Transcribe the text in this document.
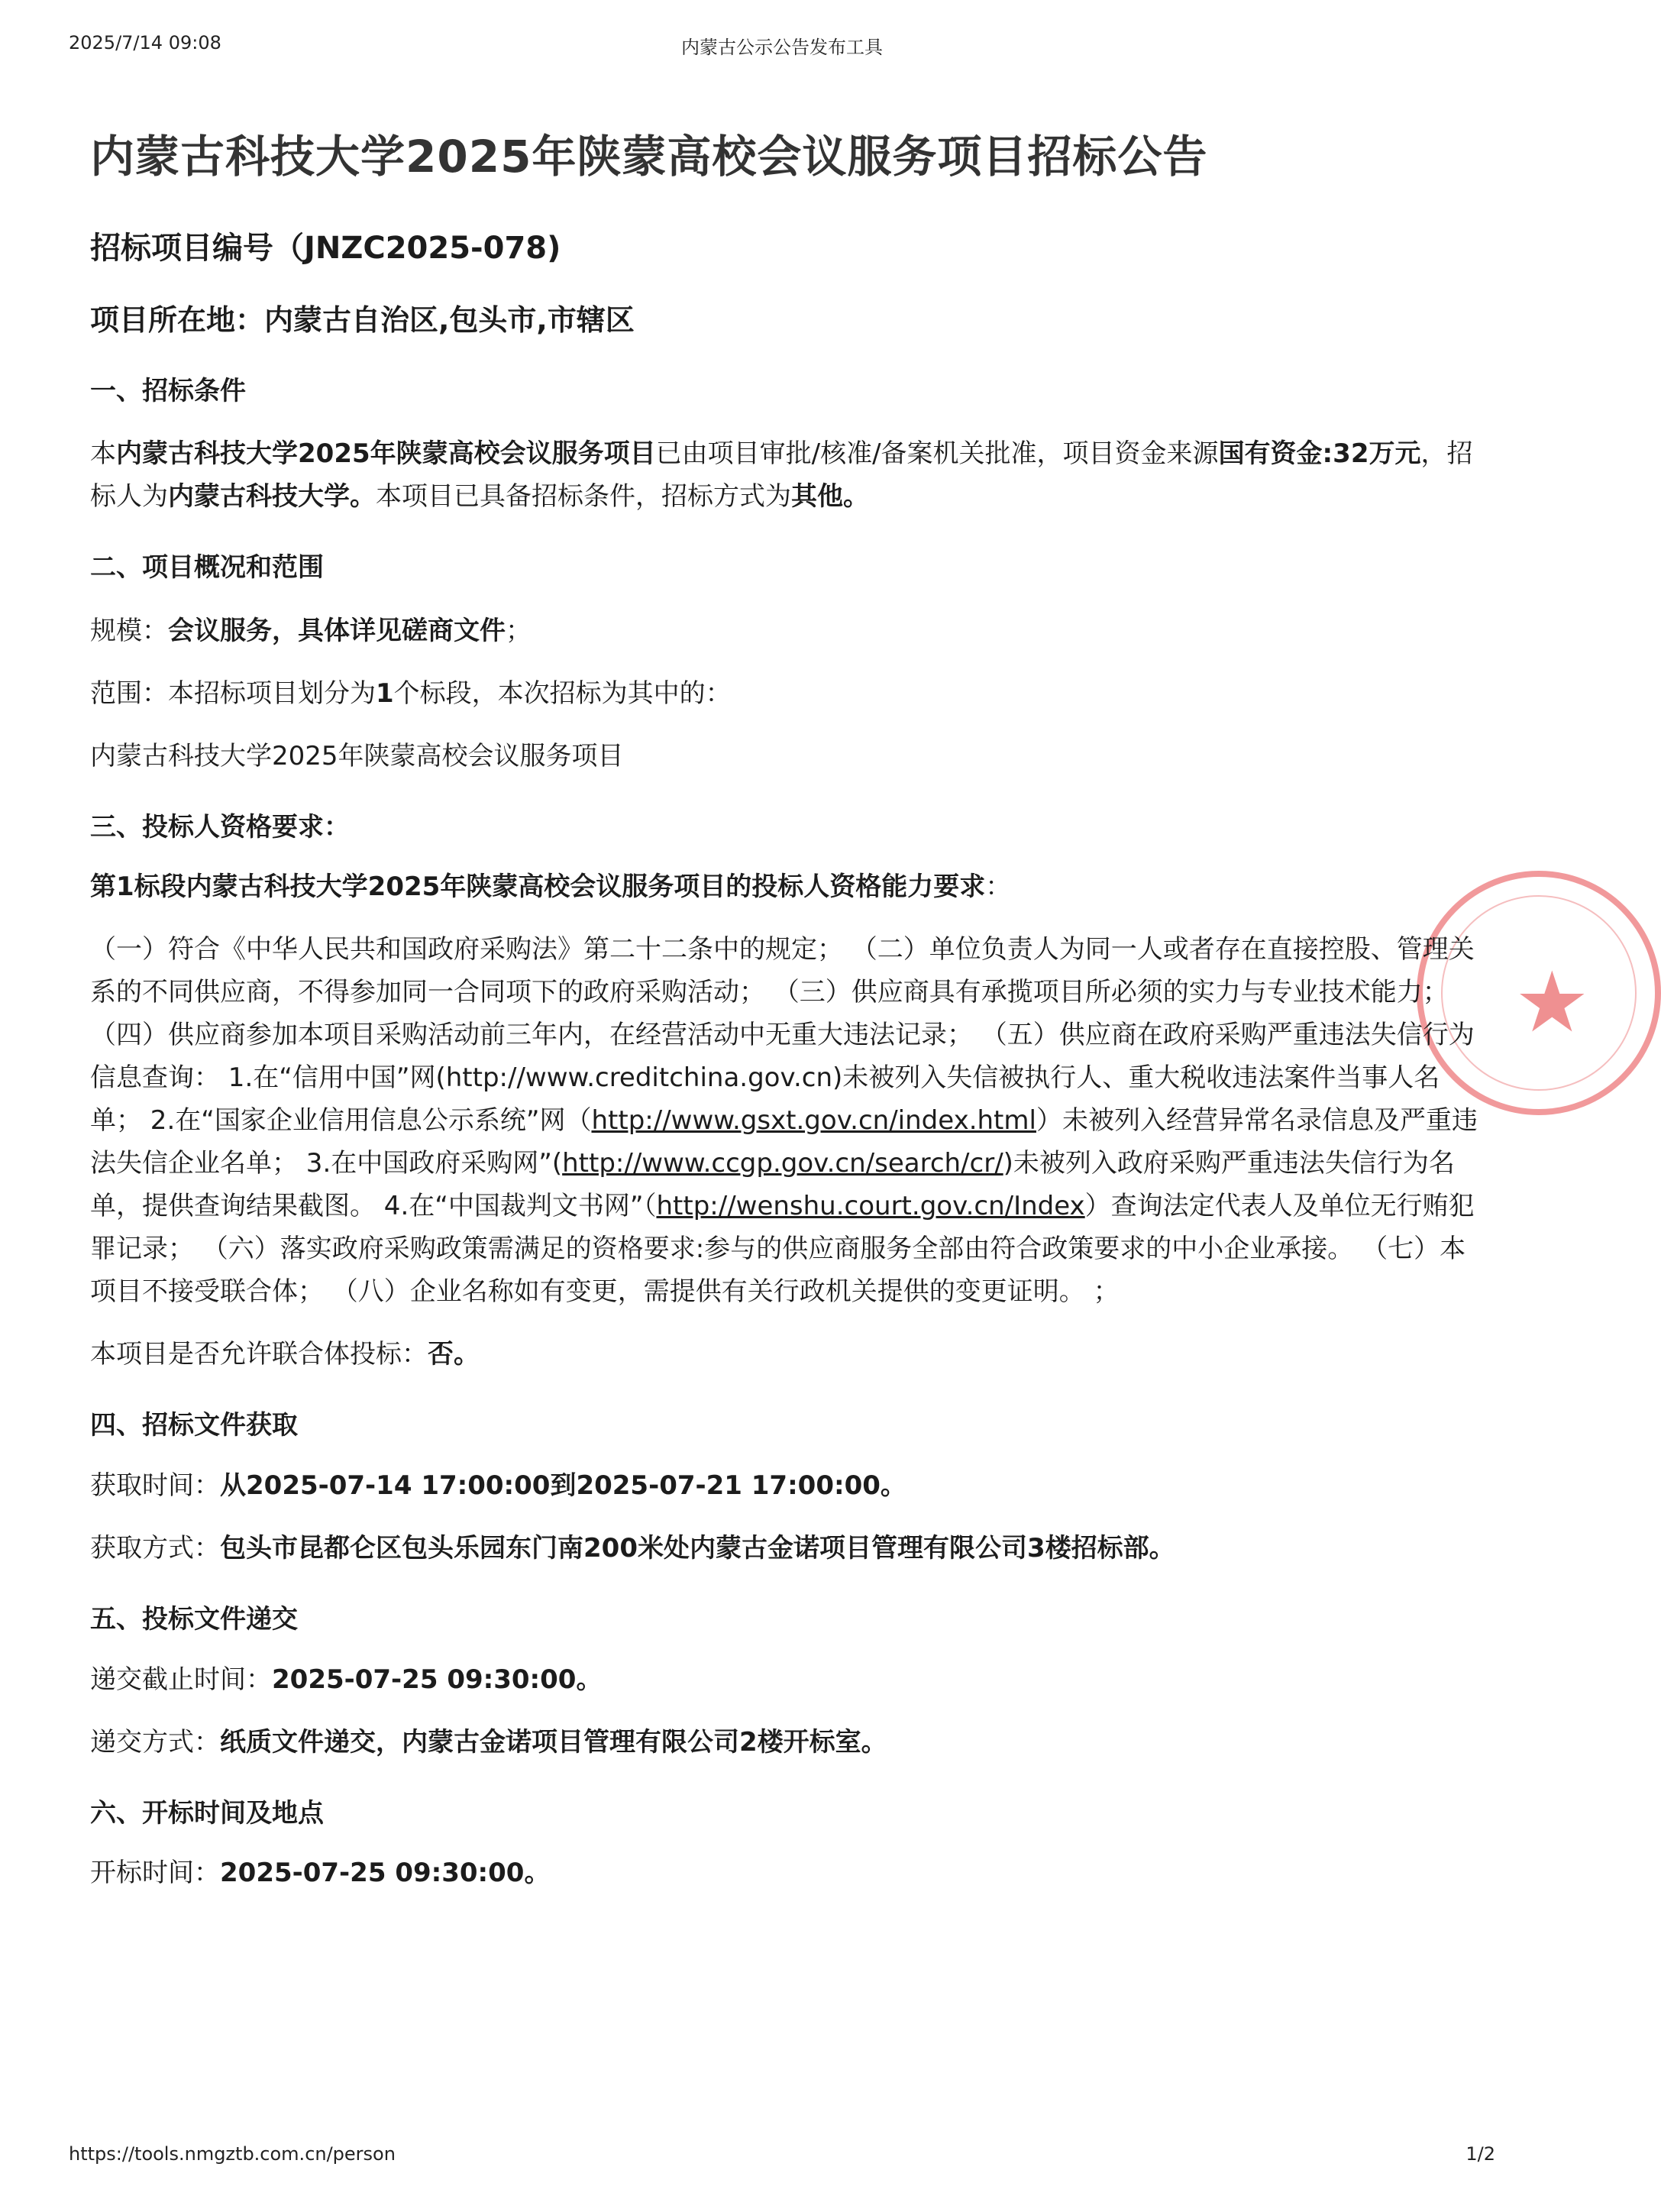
2025/7/14 09:08	内蒙古公示公告发布工具
★
内蒙古科技大学2025年陕蒙高校会议服务项目招标公告
招标项目编号（JNZC2025-078)
项目所在地：内蒙古自治区,包头市,市辖区
一、招标条件
本内蒙古科技大学2025年陕蒙高校会议服务项目已由项目审批/核准/备案机关批准，项目资金来源国有资金:32万元，招标人为内蒙古科技大学。本项目已具备招标条件，招标方式为其他。
二、项目概况和范围
规模：会议服务，具体详见磋商文件；
范围：本招标项目划分为1个标段，本次招标为其中的：
内蒙古科技大学2025年陕蒙高校会议服务项目
三、投标人资格要求：
第1标段内蒙古科技大学2025年陕蒙高校会议服务项目的投标人资格能力要求：
（一）符合《中华人民共和国政府采购法》第二十二条中的规定； （二）单位负责人为同一人或者存在直接控股、管理关系的不同供应商，不得参加同一合同项下的政府采购活动； （三）供应商具有承揽项目所必须的实力与专业技术能力； （四）供应商参加本项目采购活动前三年内，在经营活动中无重大违法记录； （五）供应商在政府采购严重违法失信行为信息查询： 1.在“信用中国”网(http://www.creditchina.gov.cn)未被列入失信被执行人、重大税收违法案件当事人名单； 2.在“国家企业信用信息公示系统”网（http://www.gsxt.gov.cn/index.html）未被列入经营异常名录信息及严重违法失信企业名单； 3.在中国政府采购网”(http://www.ccgp.gov.cn/search/cr/)未被列入政府采购严重违法失信行为名单，提供查询结果截图。 4.在“中国裁判文书网”（http://wenshu.court.gov.cn/Index）查询法定代表人及单位无行贿犯罪记录； （六）落实政府采购政策需满足的资格要求:参与的供应商服务全部由符合政策要求的中小企业承接。 （七）本项目不接受联合体； （八）企业名称如有变更，需提供有关行政机关提供的变更证明。 ；
本项目是否允许联合体投标：否。
四、招标文件获取
获取时间：从2025-07-14 17:00:00到2025-07-21 17:00:00。
获取方式：包头市昆都仑区包头乐园东门南200米处内蒙古金诺项目管理有限公司3楼招标部。
五、投标文件递交
递交截止时间：2025-07-25 09:30:00。
递交方式：纸质文件递交，内蒙古金诺项目管理有限公司2楼开标室。
六、开标时间及地点
开标时间：2025-07-25 09:30:00。
https://tools.nmgztb.com.cn/person	1/2
